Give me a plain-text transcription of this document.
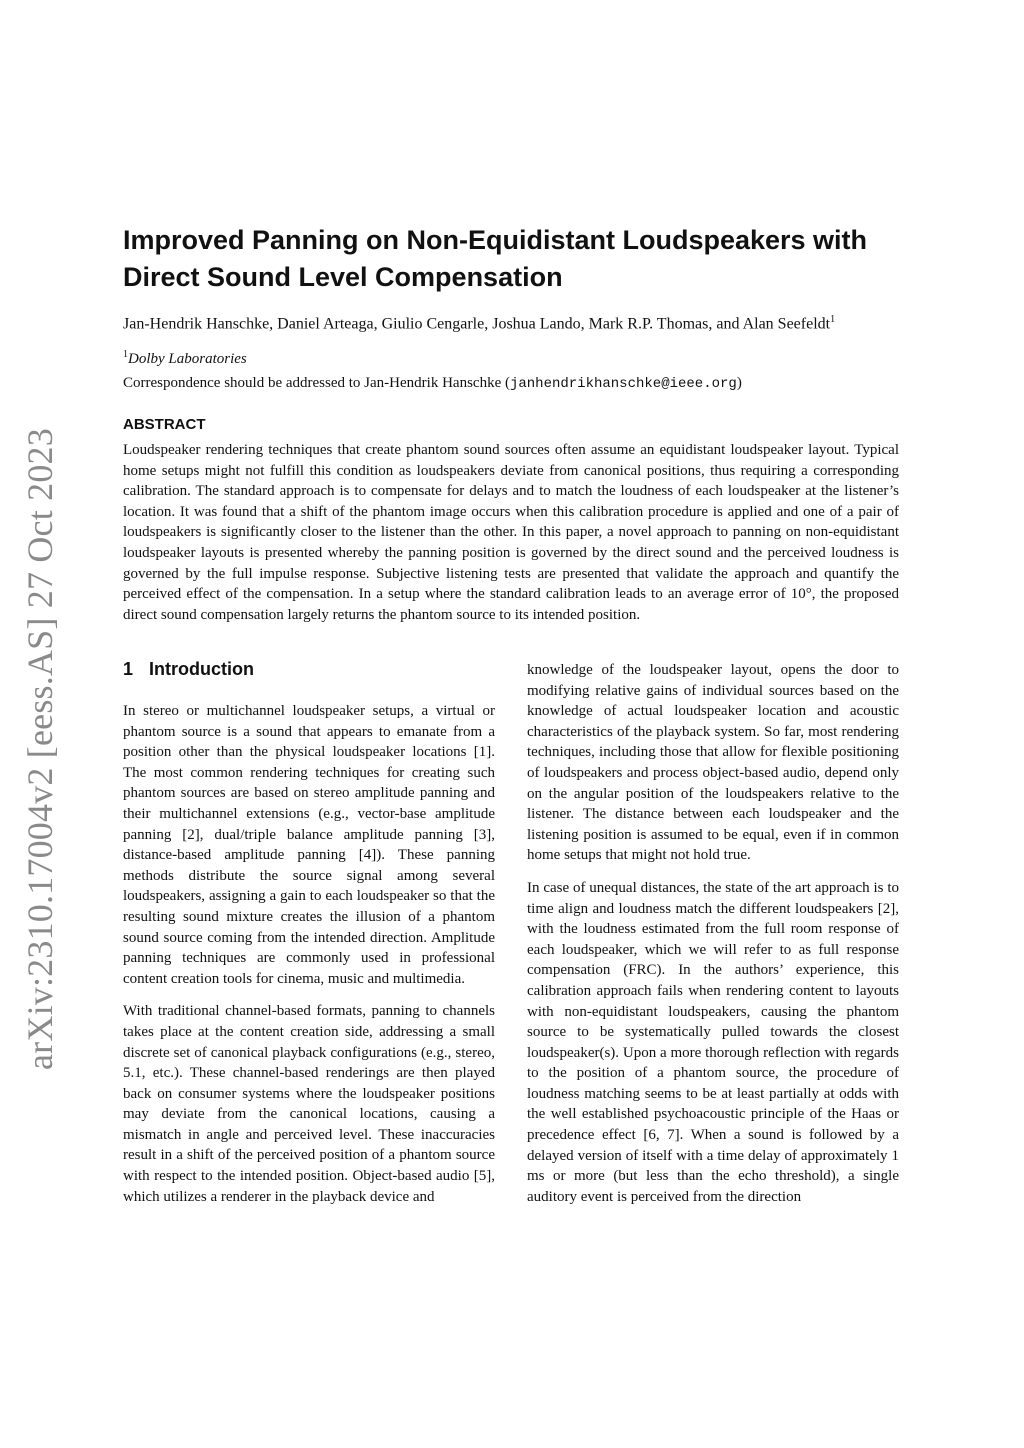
arXiv:2310.17004v2 [eess.AS] 27 Oct 2023
Improved Panning on Non-Equidistant Loudspeakers with
Direct Sound Level Compensation
Jan-Hendrik Hanschke, Daniel Arteaga, Giulio Cengarle, Joshua Lando, Mark R.P. Thomas, and Alan Seefeldt$^1$
$^1$Dolby Laboratories
Correspondence should be addressed to Jan-Hendrik Hanschke (janhendrikhanschke@ieee.org)
ABSTRACT

Loudspeaker rendering techniques that create phantom sound sources often assume an equidistant loudspeaker layout. Typical home setups might not fulfill this condition as loudspeakers deviate from canonical positions, thus requiring a corresponding calibration. The standard approach is to compensate for delays and to match the loudness of each loudspeaker at the listener’s location. It was found that a shift of the phantom image occurs when this calibration procedure is applied and one of a pair of loudspeakers is significantly closer to the listener than the other. In this paper, a novel approach to panning on non-equidistant loudspeaker layouts is presented whereby the panning position is governed by the direct sound and the perceived loudness is governed by the full impulse response. Subjective listening tests are presented that validate the approach and quantify the perceived effect of the compensation. In a setup where the standard calibration leads to an average error of 10°, the proposed direct sound compensation largely returns the phantom source to its intended position.

1 Introduction

In stereo or multichannel loudspeaker setups, a virtual or phantom source is a sound that appears to emanate from a position other than the physical loudspeaker locations [1]. The most common rendering techniques for creating such phantom sources are based on stereo amplitude panning and their multichannel extensions (e.g., vector-base amplitude panning [2], dual/triple balance amplitude panning [3], distance-based amplitude panning [4]). These panning methods distribute the source signal among several loudspeakers, assigning a gain to each loudspeaker so that the resulting sound mixture creates the illusion of a phantom sound source coming from the intended direction. Amplitude panning techniques are commonly used in professional content creation tools for cinema, music and multimedia.

With traditional channel-based formats, panning to channels takes place at the content creation side, addressing a small discrete set of canonical playback configurations (e.g., stereo, 5.1, etc.). These channel-based renderings are then played back on consumer systems where the loudspeaker positions may deviate from the canonical locations, causing a mismatch in angle and perceived level. These inaccuracies result in a shift of the perceived position of a phantom source with respect to the intended position. Object-based audio [5], which utilizes a renderer in the playback device and

knowledge of the loudspeaker layout, opens the door to modifying relative gains of individual sources based on the knowledge of actual loudspeaker location and acoustic characteristics of the playback system. So far, most rendering techniques, including those that allow for flexible positioning of loudspeakers and process object-based audio, depend only on the angular position of the loudspeakers relative to the listener. The distance between each loudspeaker and the listening position is assumed to be equal, even if in common home setups that might not hold true.

In case of unequal distances, the state of the art approach is to time align and loudness match the different loudspeakers [2], with the loudness estimated from the full room response of each loudspeaker, which we will refer to as full response compensation (FRC). In the authors’ experience, this calibration approach fails when rendering content to layouts with non-equidistant loudspeakers, causing the phantom source to be systematically pulled towards the closest loudspeaker(s). Upon a more thorough reflection with regards to the position of a phantom source, the procedure of loudness matching seems to be at least partially at odds with the well established psychoacoustic principle of the Haas or precedence effect [6, 7]. When a sound is followed by a delayed version of itself with a time delay of approximately 1 ms or more (but less than the echo threshold), a single auditory event is perceived from the direction
